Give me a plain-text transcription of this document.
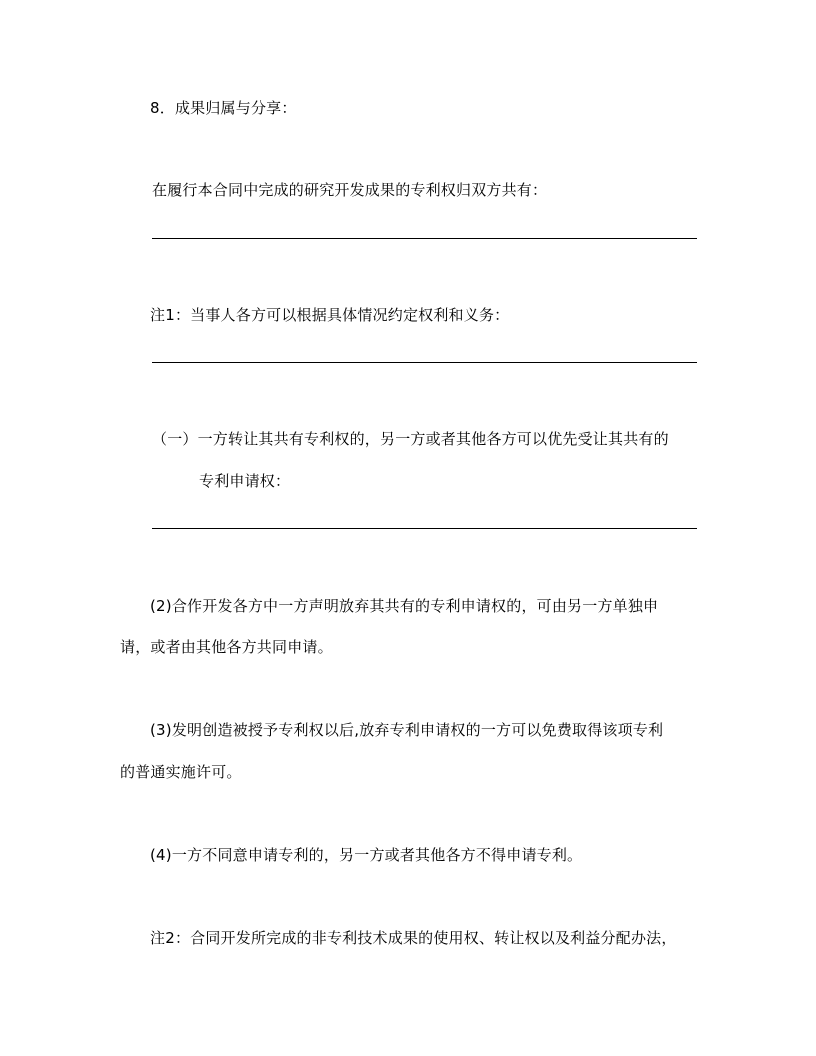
8．成果归属与分享：
在履行本合同中完成的研究开发成果的专利权归双方共有：
注1：当事人各方可以根据具体情况约定权利和义务：
（一）一方转让其共有专利权的，另一方或者其他各方可以优先受让其共有的
专利申请权：
(2)合作开发各方中一方声明放弃其共有的专利申请权的，可由另一方单独申
请，或者由其他各方共同申请。
(3)发明创造被授予专利权以后,放弃专利申请权的一方可以免费取得该项专利
的普通实施许可。
(4)一方不同意申请专利的，另一方或者其他各方不得申请专利。
注2：合同开发所完成的非专利技术成果的使用权、转让权以及利益分配办法，
